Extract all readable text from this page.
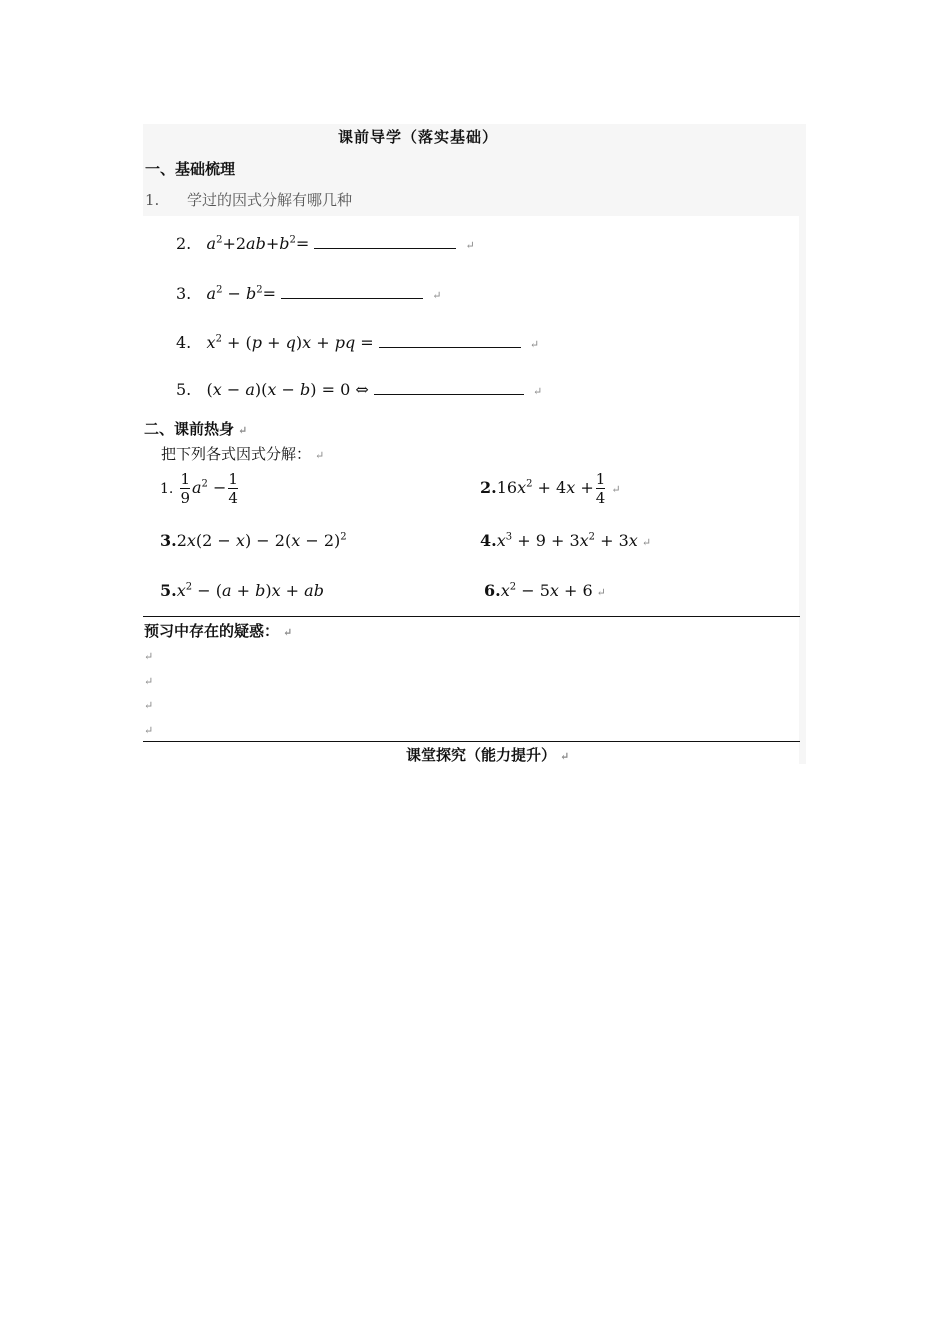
课前导学（落实基础）
一、基础梳理
1. 学过的因式分解有哪几种
2. $a^2+2ab+b^2=$	↵
3. $a^2 - b^2=$	↵
4. $x^2 + (p + q)x$ + pq =	↵
5.   (x − a)(x − b) = 0 ⇔	↵
二、课前热身 ↵
把下列各式因式分解： ↵
1. $\frac{1}{9} a^2 - \frac{1}{4}$	$2.16x^2 + 4x + \frac{1}{4}$ ↵
$3.2x(2 - x) - 2(x - 2)^2$	$4.x^3 + 9 + 3x^2 + 3x$ ↵
$5.x^2 - (a + b)x$ + ab	$6.x^2 - 5x + 6$ ↵
预习中存在的疑惑： ↵
↵
↵
↵
↵
课堂探究（能力提升） ↵
